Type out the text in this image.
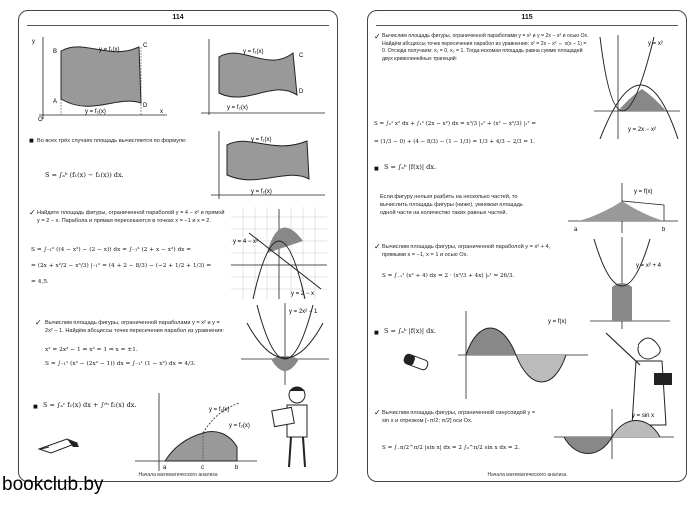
114
y
x
y = f₁(x)
y = f₂(x)
B
C
D
A
O
y = f₁(x)
y = f₂(x)
C
D
■ Во всех трёх случаях площадь вычисляется по формуле:
S = ∫ₐᵇ (f₁(x) − f₂(x)) dx.
y = f₁(x)
y = f₂(x)
✓ Найдите площадь фигуры, ограниченной параболой y = 4 − x² и прямой y = 2 − x. Парабола и прямая пересекаются в точках x = −1 и x = 2.
S = ∫₋₁² ((4 − x²) − (2 − x)) dx = ∫₋₁² (2 + x − x²) dx =
= (2x + x²/2 − x³/3) |₋₁² = (4 + 2 − 8/3) − (−2 + 1/2 + 1/3) =
= 4,5.
y = 4 − x²
y = 2 − x
✓ Вычислим площадь фигуры, ограниченной параболами y = x² и y = 2x² − 1. Найдём абсциссы точек пересечения парабол из уравнения:
x² = 2x² − 1 ⇔ x² = 1 ⇔ x = ±1.
S = ∫₋₁¹ (x² − (2x² − 1)) dx = ∫₋₁¹ (1 − x²) dx = 4/3.
y = 2x² − 1
■ S = ∫ₐᶜ f₁(x) dx + ∫ᶜᵇ f₂(x) dx.
y = f₁(x)
y = f₂(x)
a	c	b
Начала математического анализа
115
✓ Вычислим площадь фигуры, ограниченной параболами y = x² и y = 2x − x² и осью Ox. Найдём абсциссы точек пересечения парабол из уравнения: x² = 2x − x² ⇔ x(x − 1) = 0. Отсюда получаем: x₁ = 0, x₂ = 1. Тогда искомая площадь равна сумме площадей двух криволинейных трапеций:
S = ∫₀¹ x² dx + ∫₁² (2x − x²) dx = x³/3 |₀¹ + (x² − x³/3) |₁² =
= (1/3 − 0) + (4 − 8/3) − (1 − 1/3) = 1/3 + 4/3 − 2/3 = 1.
y = x²
y = 2x − x²
■ S = ∫ₐᵇ |f(x)| dx.
Если фигуру нельзя разбить на несколько частей, то вычислить площадь фигуры (ниже), умножая площадь одной части на количество таких равных частей.
y = f(x)
a	b
✓ Вычислим площадь фигуры, ограниченной параболой y = x² + 4, прямыми x = −1, x = 1 и осью Ox.
S = ∫₋₁¹ (x² + 4) dx = 2 · (x³/3 + 4x) |₀¹ = 26/3.
y = x² + 4
■ S = ∫ₐᵇ |f(x)| dx.
y = f(x)
✓ Вычислим площадь фигуры, ограниченной синусоидой y = sin x и отрезком [−π/2; π/2] оси Ox.
S = ∫₋π/2^π/2 |sin x| dx = 2 ∫₀^π/2 sin x dx = 2.
y = sin x
Начала математического анализа
bookclub.by
